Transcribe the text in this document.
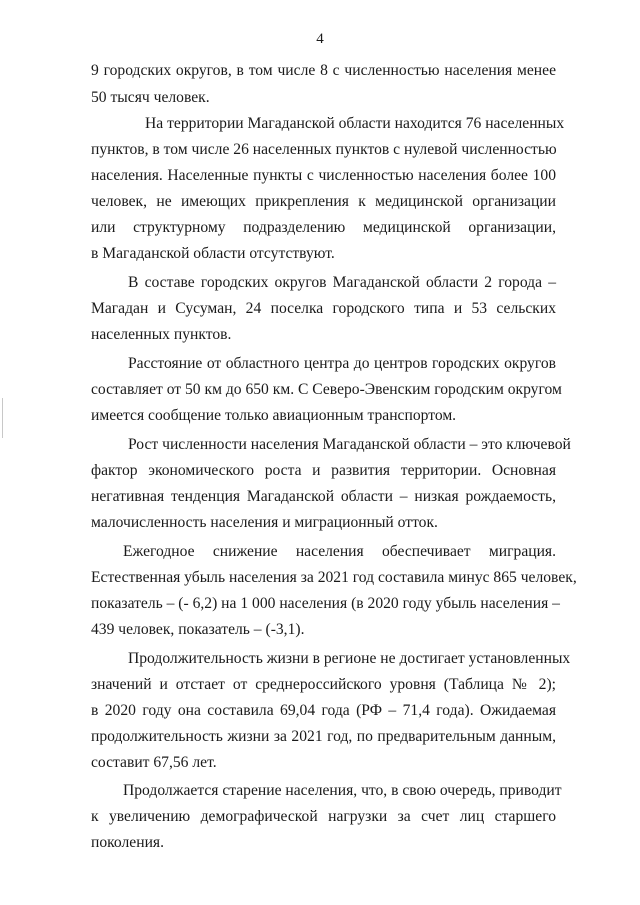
4
9 городских округов, в том числе 8 с численностью населения менее
50 тысяч человек.
На территории Магаданской области находится 76 населенных
пунктов, в том числе 26 населенных пунктов с нулевой численностью
населения. Населенные пункты с численностью населения более 100
человек, не имеющих прикрепления к медицинской организации
или структурному подразделению медицинской организации,
в Магаданской области отсутствуют.
В составе городских округов Магаданской области 2 города –
Магадан и Сусуман, 24 поселка городского типа и 53 сельских
населенных пунктов.
Расстояние от областного центра до центров городских округов
составляет от 50 км до 650 км. С Северо-Эвенским городским округом
имеется сообщение только авиационным транспортом.
Рост численности населения Магаданской области – это ключевой
фактор экономического роста и развития территории. Основная
негативная тенденция Магаданской области – низкая рождаемость,
малочисленность населения и миграционный отток.
Ежегодное снижение населения обеспечивает миграция.
Естественная убыль населения за 2021 год составила минус 865 человек,
показатель – (- 6,2) на 1 000 населения (в 2020 году убыль населения –
439 человек, показатель – (-3,1).
Продолжительность жизни в регионе не достигает установленных
значений и отстает от среднероссийского уровня (Таблица № 2);
в 2020 году она составила 69,04 года (РФ – 71,4 года). Ожидаемая
продолжительность жизни за 2021 год, по предварительным данным,
составит 67,56 лет.
Продолжается старение населения, что, в свою очередь, приводит
к увеличению демографической нагрузки за счет лиц старшего
поколения.
